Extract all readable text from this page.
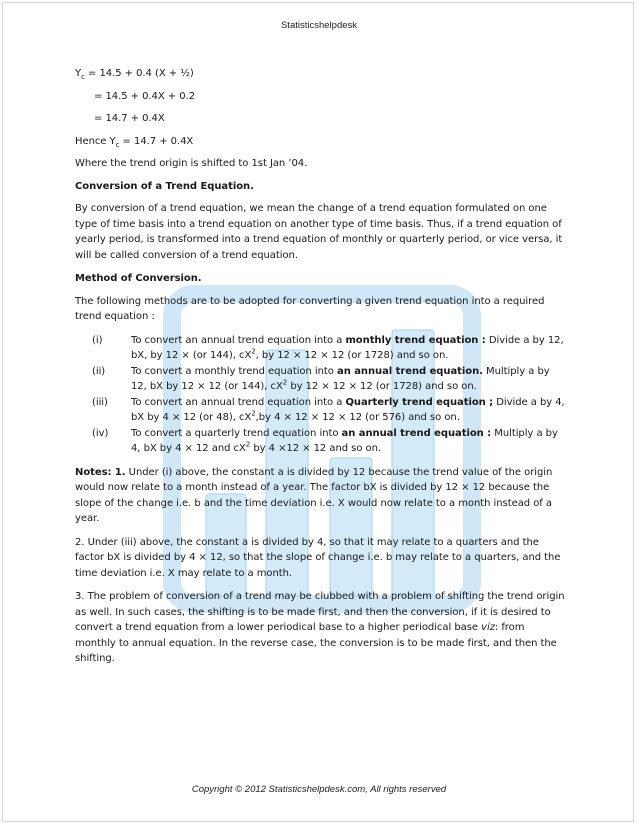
Statisticshelpdesk

$Y_c = 14.5 + 0.4$ (X + ½)

= 14.5 + 0.4X + 0.2

= 14.7 + 0.4X

Hence $Y_c = 14.7 + 0.4X$

Where the trend origin is shifted to 1st Jan ’04.

Conversion of a Trend Equation.

By conversion of a trend equation, we mean the change of a trend equation formulated on one type of time basis into a trend equation on another type of time basis. Thus, if a trend equation of yearly period, is transformed into a trend equation of monthly or quarterly period, or vice versa, it will be called conversion of a trend equation.

Method of Conversion.

The following methods are to be adopted for converting a given trend equation into a required trend equation :

(i)	To convert an annual trend equation into a monthly trend equation : Divide a by 12, bX, by 12 × (or 144), $cX^2$, by 12 × 12 × 12 (or 1728) and so on.
(ii)	To convert a monthly trend equation into an annual trend equation. Multiply a by 12, bX by 12 × 12 (or 144), $cX^2$ by 12 × 12 × 12 (or 1728) and so on.
(iii)	To convert an annual trend equation into a Quarterly trend equation ; Divide a by 4, bX by 4 × 12 (or 48), $cX^2,by$ 4 × 12 × 12 × 12 (or 576) and so on.
(iv)	To convert a quarterly trend equation into an annual trend equation : Multiply a by 4, bX by 4 × 12 and $cX^2$ by 4 ×12 × 12 and so on.

Notes: 1. Under (i) above, the constant a is divided by 12 because the trend value of the origin would now relate to a month instead of a year. The factor bX is divided by 12 × 12 because the slope of the change i.e. b and the time deviation i.e. X would now relate to a month instead of a year.

2. Under (iii) above, the constant a is divided by 4, so that it may relate to a quarters and the factor bX is divided by 4 × 12, so that the slope of change i.e. b may relate to a quarters, and the time deviation i.e. X may relate to a month.

3. The problem of conversion of a trend may be clubbed with a problem of shifting the trend origin as well. In such cases, the shifting is to be made first, and then the conversion, if it is desired to convert a trend equation from a lower periodical base to a higher periodical base viz: from monthly to annual equation. In the reverse case, the conversion is to be made first, and then the shifting.

Copyright © 2012 Statisticshelpdesk.com, All rights reserved
